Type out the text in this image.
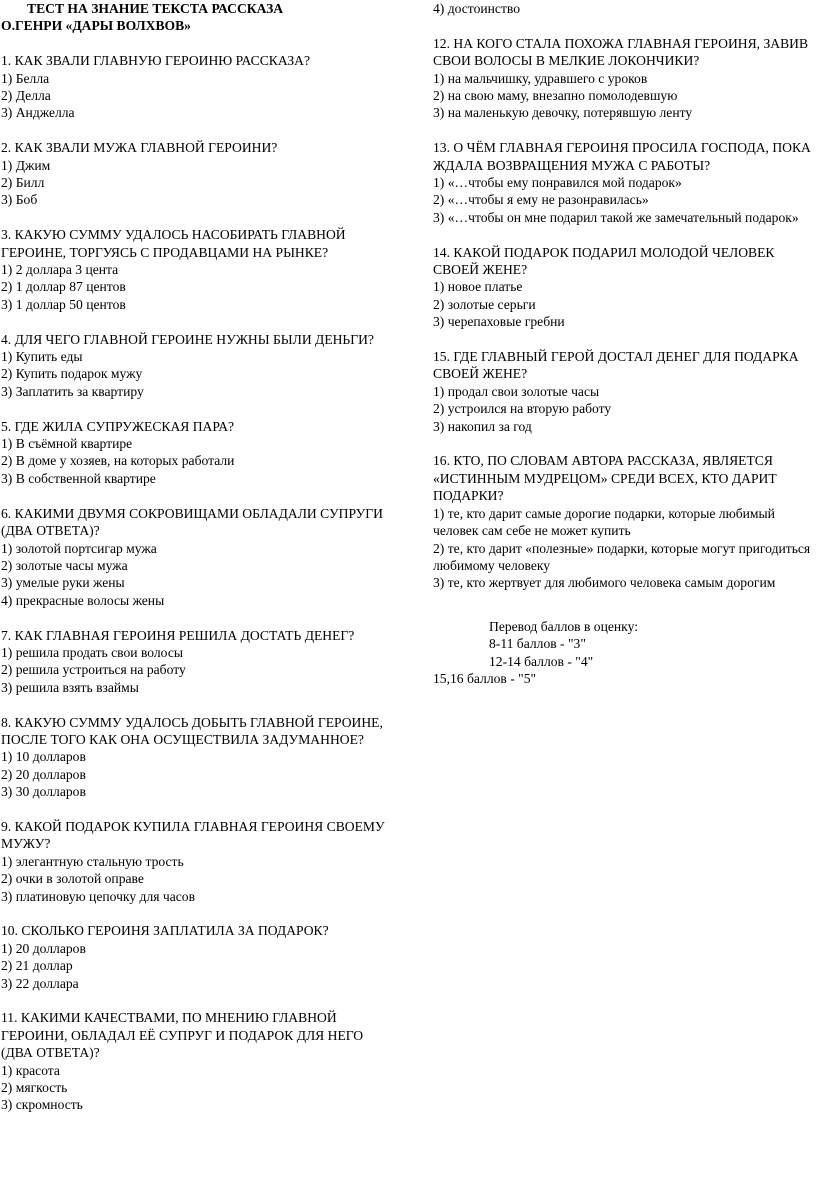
ТЕСТ НА ЗНАНИЕ ТЕКСТА РАССКАЗА
О.ГЕНРИ «ДАРЫ ВОЛХВОВ»
1. КАК ЗВАЛИ ГЛАВНУЮ ГЕРОИНЮ РАССКАЗА?
1) Белла
2) Делла
3) Анджелла
2. КАК ЗВАЛИ МУЖА ГЛАВНОЙ ГЕРОИНИ?
1) Джим
2) Билл
3) Боб
3. КАКУЮ СУММУ УДАЛОСЬ НАСОБИРАТЬ ГЛАВНОЙ ГЕРОИНЕ, ТОРГУЯСЬ С ПРОДАВЦАМИ НА РЫНКЕ?
1) 2 доллара 3 цента
2) 1 доллар 87 центов
3) 1 доллар 50 центов
4. ДЛЯ ЧЕГО ГЛАВНОЙ ГЕРОИНЕ НУЖНЫ БЫЛИ ДЕНЬГИ?
1) Купить еды
2) Купить подарок мужу
3) Заплатить за квартиру
5. ГДЕ ЖИЛА СУПРУЖЕСКАЯ ПАРА?
1) В съёмной квартире
2) В доме у хозяев, на которых работали
3) В собственной квартире
6. КАКИМИ ДВУМЯ СОКРОВИЩАМИ ОБЛАДАЛИ СУПРУГИ (ДВА ОТВЕТА)?
1) золотой портсигар мужа
2) золотые часы мужа
3) умелые руки жены
4) прекрасные волосы жены
7. КАК ГЛАВНАЯ ГЕРОИНЯ РЕШИЛА ДОСТАТЬ ДЕНЕГ?
1) решила продать свои волосы
2) решила устроиться на работу
3) решила взять взаймы
8. КАКУЮ СУММУ УДАЛОСЬ ДОБЫТЬ ГЛАВНОЙ ГЕРОИНЕ, ПОСЛЕ ТОГО КАК ОНА ОСУЩЕСТВИЛА ЗАДУМАННОЕ?
1) 10 долларов
2) 20 долларов
3) 30 долларов
9. КАКОЙ ПОДАРОК КУПИЛА ГЛАВНАЯ ГЕРОИНЯ СВОЕМУ МУЖУ?
1) элегантную стальную трость
2) очки в золотой оправе
3) платиновую цепочку для часов
10. СКОЛЬКО ГЕРОИНЯ ЗАПЛАТИЛА ЗА ПОДАРОК?
1) 20 долларов
2) 21 доллар
3) 22 доллара
11. КАКИМИ КАЧЕСТВАМИ, ПО МНЕНИЮ ГЛАВНОЙ ГЕРОИНИ, ОБЛАДАЛ ЕЁ СУПРУГ И ПОДАРОК ДЛЯ НЕГО (ДВА ОТВЕТА)?
1) красота
2) мягкость
3) скромность
4) достоинство
12. НА КОГО СТАЛА ПОХОЖА ГЛАВНАЯ ГЕРОИНЯ, ЗАВИВ СВОИ ВОЛОСЫ В МЕЛКИЕ ЛОКОНЧИКИ?
1) на мальчишку, удравшего с уроков
2) на свою маму, внезапно помолодевшую
3) на маленькую девочку, потерявшую ленту
13. О ЧЁМ ГЛАВНАЯ ГЕРОИНЯ ПРОСИЛА ГОСПОДА, ПОКА ЖДАЛА ВОЗВРАЩЕНИЯ МУЖА С РАБОТЫ?
1) «…чтобы ему понравился мой подарок»
2) «…чтобы я ему не разонравилась»
3) «…чтобы он мне подарил такой же замечательный подарок»
14. КАКОЙ ПОДАРОК ПОДАРИЛ МОЛОДОЙ ЧЕЛОВЕК СВОЕЙ ЖЕНЕ?
1) новое платье
2) золотые серьги
3) черепаховые гребни
15. ГДЕ ГЛАВНЫЙ ГЕРОЙ ДОСТАЛ ДЕНЕГ ДЛЯ ПОДАРКА СВОЕЙ ЖЕНЕ?
1) продал свои золотые часы
2) устроился на вторую работу
3) накопил за год
16. КТО, ПО СЛОВАМ АВТОРА РАССКАЗА, ЯВЛЯЕТСЯ «ИСТИННЫМ МУДРЕЦОМ» СРЕДИ ВСЕХ, КТО ДАРИТ ПОДАРКИ?
1) те, кто дарит самые дорогие подарки, которые любимый человек сам себе не может купить
2) те, кто дарит «полезные» подарки, которые могут пригодиться любимому человеку
3) те, кто жертвует для любимого человека самым дорогим
Перевод баллов в оценку:
8-11 баллов - "3"
12-14 баллов - "4"
15,16 баллов - "5"
